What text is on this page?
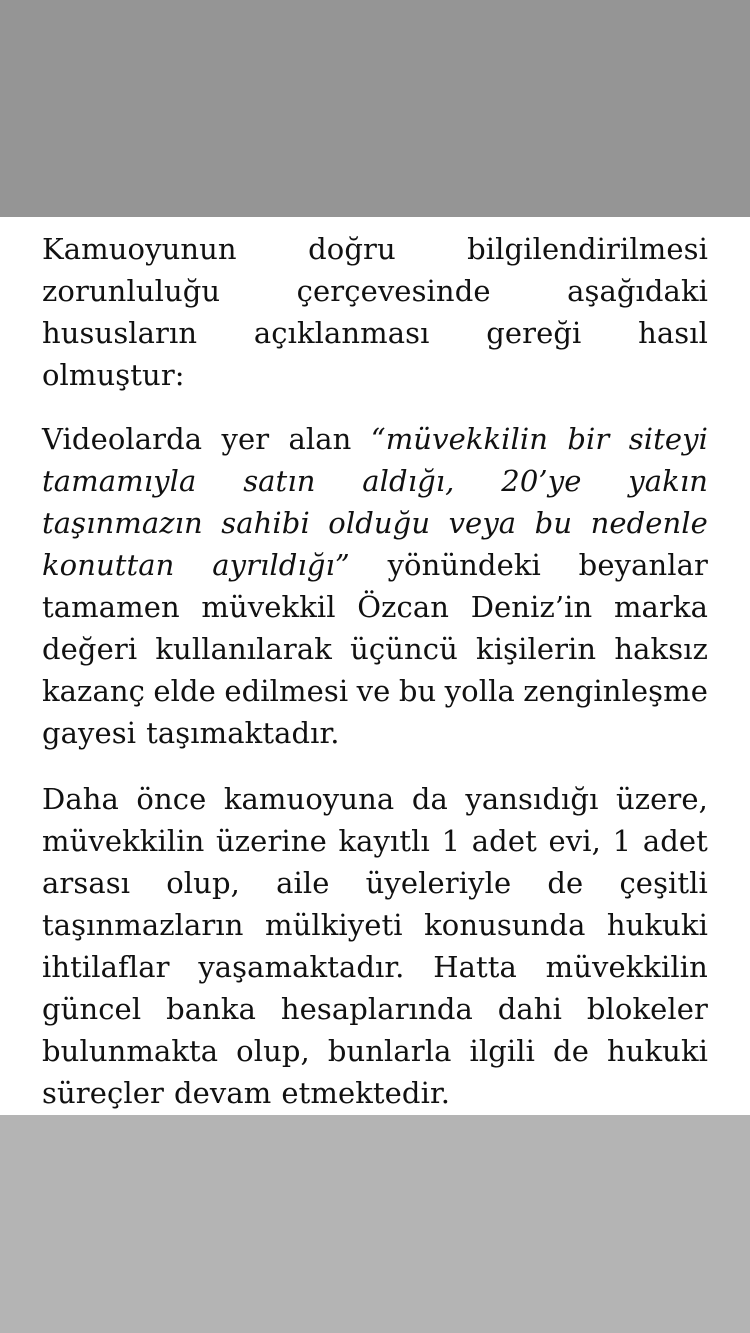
Kamuoyunun doğru bilgilendirilmesi
zorunluluğu	çerçevesinde	aşağıdaki
hususların açıklanması gereği hasıl
olmuştur:
Videolarda yer alan “müvekkilin bir siteyi
tamamıyla satın aldığı, 20’ye yakın
taşınmazın sahibi olduğu veya bu nedenle
konuttan ayrıldığı” yönündeki beyanlar
tamamen müvekkil Özcan Deniz’in marka
değeri kullanılarak üçüncü kişilerin haksız
kazanç elde edilmesi ve bu yolla zenginleşme
gayesi taşımaktadır.
Daha önce kamuoyuna da yansıdığı üzere,
müvekkilin üzerine kayıtlı 1 adet evi, 1 adet
arsası olup, aile üyeleriyle de çeşitli
taşınmazların mülkiyeti konusunda hukuki
ihtilaflar yaşamaktadır. Hatta müvekkilin
güncel banka hesaplarında dahi blokeler
bulunmakta olup, bunlarla ilgili de hukuki
süreçler devam etmektedir.
